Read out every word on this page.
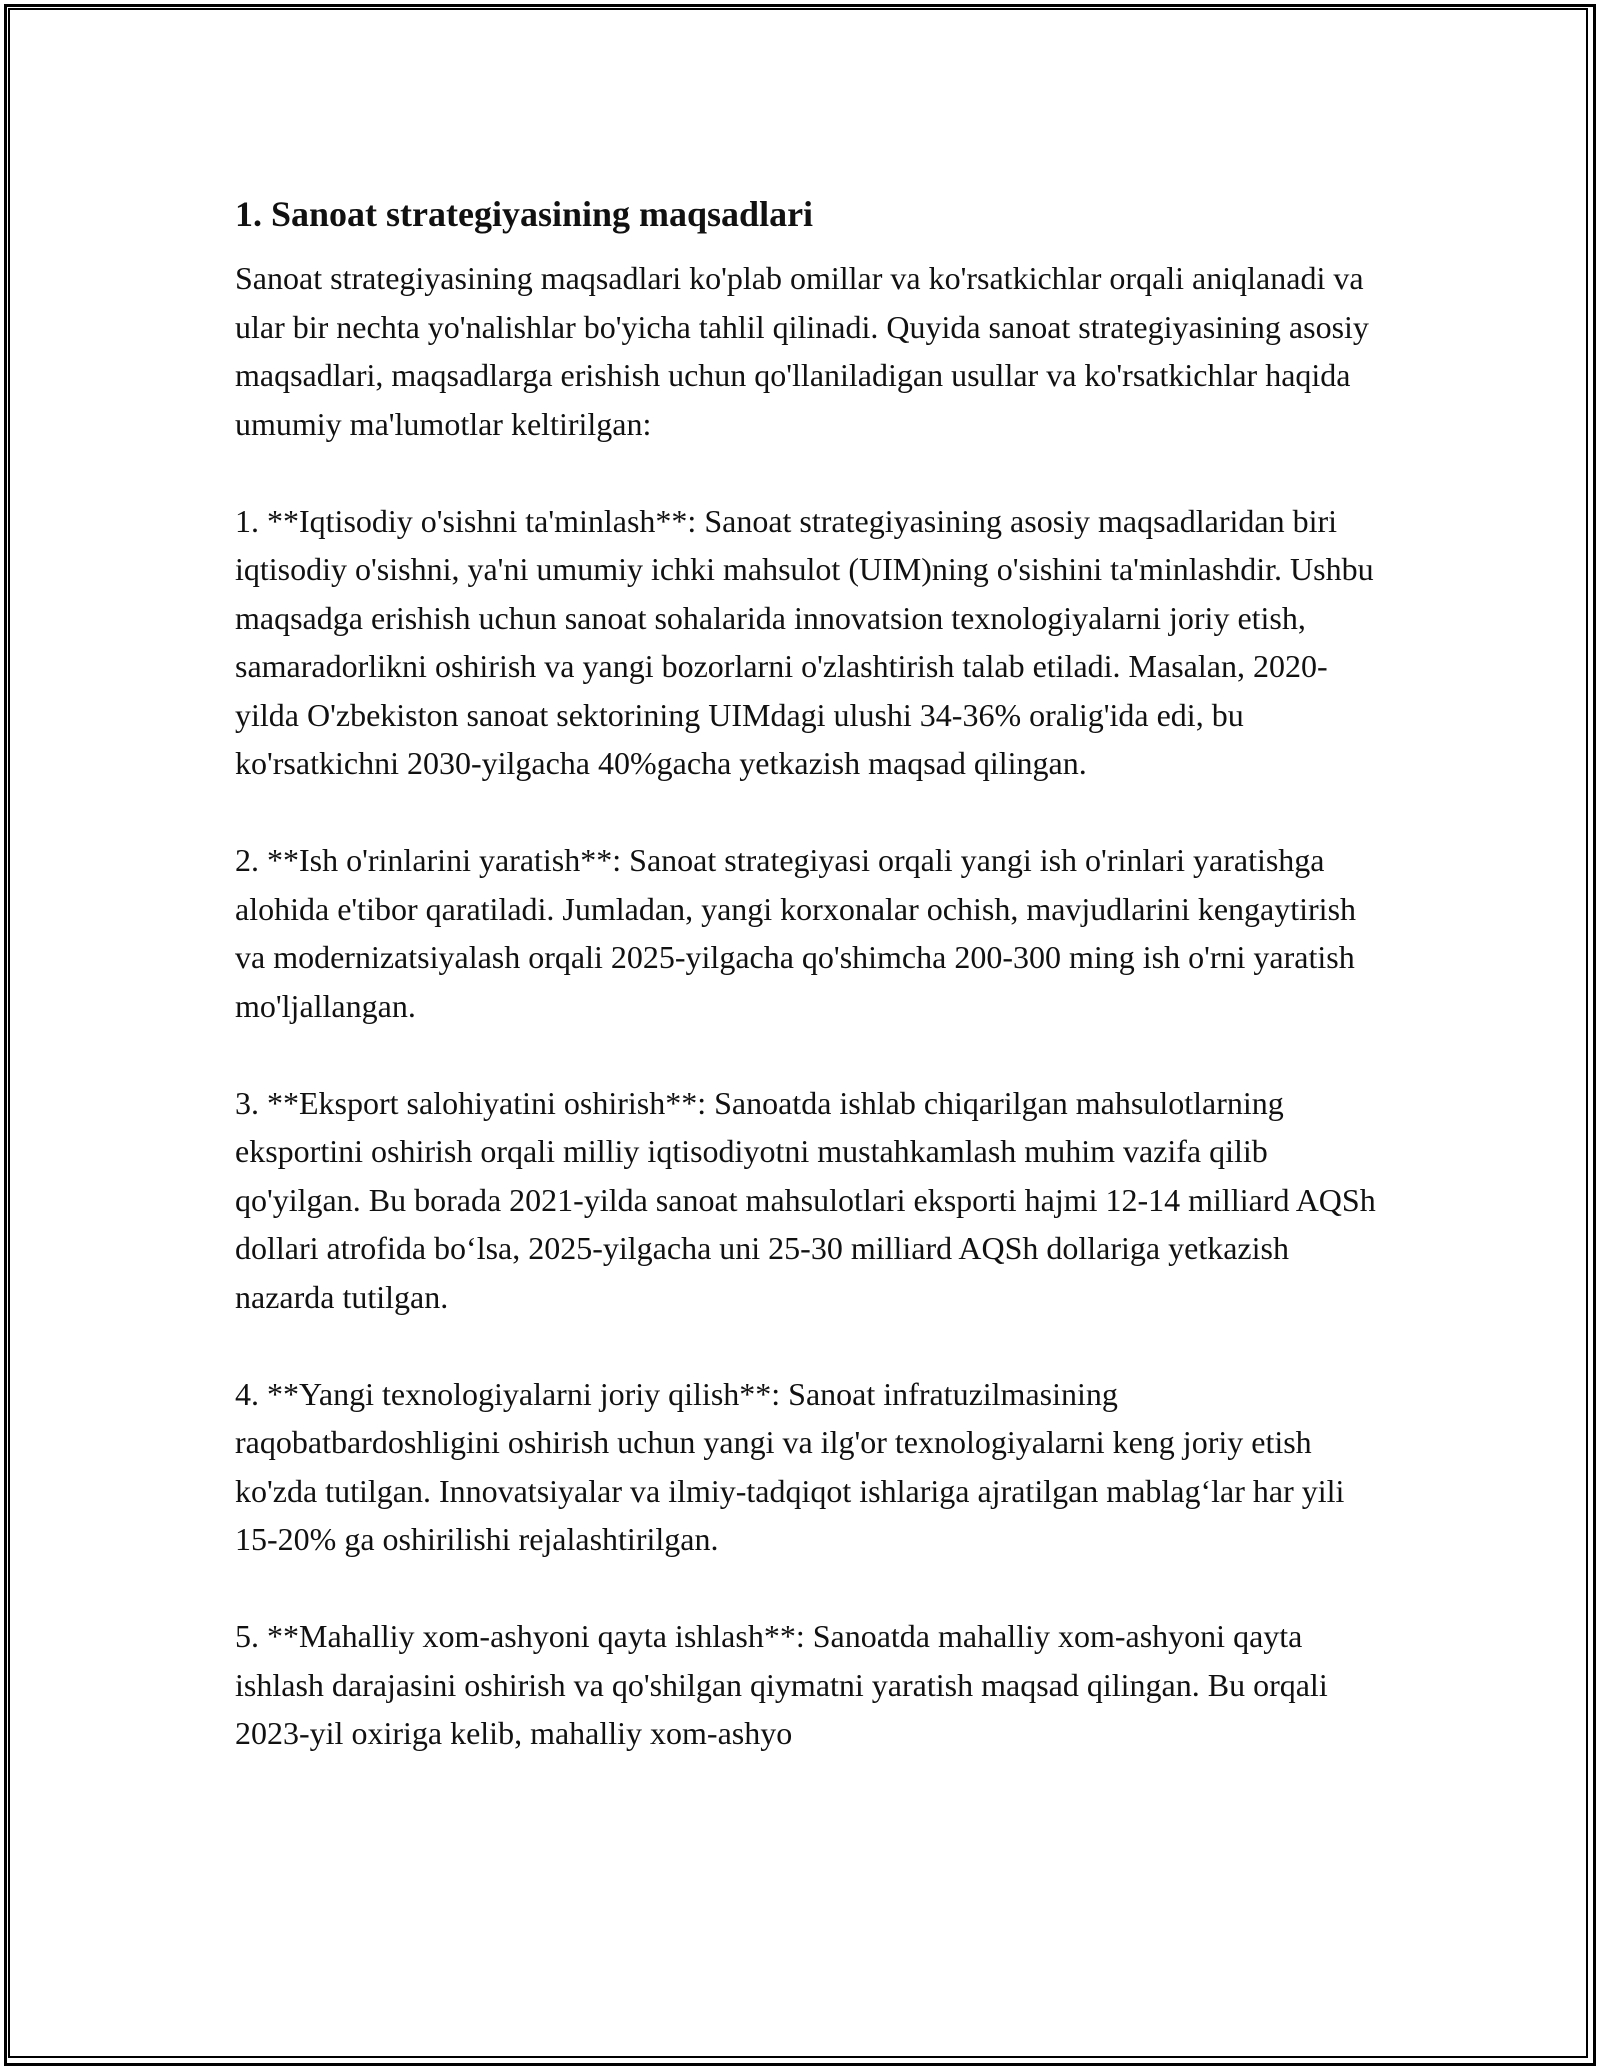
1. Sanoat strategiyasining maqsadlari
Sanoat strategiyasining maqsadlari ko'plab omillar va ko'rsatkichlar orqali aniqlanadi va ular bir nechta yo'nalishlar bo'yicha tahlil qilinadi. Quyida sanoat strategiyasining asosiy maqsadlari, maqsadlarga erishish uchun qo'llaniladigan usullar va ko'rsatkichlar haqida umumiy ma'lumotlar keltirilgan:
1. **Iqtisodiy o'sishni ta'minlash**: Sanoat strategiyasining asosiy maqsadlaridan biri iqtisodiy o'sishni, ya'ni umumiy ichki mahsulot (UIM)ning o'sishini ta'minlashdir. Ushbu maqsadga erishish uchun sanoat sohalarida innovatsion texnologiyalarni joriy etish, samaradorlikni oshirish va yangi bozorlarni o'zlashtirish talab etiladi. Masalan, 2020-yilda O'zbekiston sanoat sektorining UIMdagi ulushi 34-36% oralig'ida edi, bu ko'rsatkichni 2030-yilgacha 40%gacha yetkazish maqsad qilingan.
2. **Ish o'rinlarini yaratish**: Sanoat strategiyasi orqali yangi ish o'rinlari yaratishga alohida e'tibor qaratiladi. Jumladan, yangi korxonalar ochish, mavjudlarini kengaytirish va modernizatsiyalash orqali 2025-yilgacha qo'shimcha 200-300 ming ish o'rni yaratish mo'ljallangan.
3. **Eksport salohiyatini oshirish**: Sanoatda ishlab chiqarilgan mahsulotlarning eksportini oshirish orqali milliy iqtisodiyotni mustahkamlash muhim vazifa qilib qo'yilgan. Bu borada 2021-yilda sanoat mahsulotlari eksporti hajmi 12-14 milliard AQSh dollari atrofida bo‘lsa, 2025-yilgacha uni 25-30 milliard AQSh dollariga yetkazish nazarda tutilgan.
4. **Yangi texnologiyalarni joriy qilish**: Sanoat infratuzilmasining raqobatbardoshligini oshirish uchun yangi va ilg'or texnologiyalarni keng joriy etish ko'zda tutilgan. Innovatsiyalar va ilmiy-tadqiqot ishlariga ajratilgan mablag‘lar har yili 15-20% ga oshirilishi rejalashtirilgan.
5. **Mahalliy xom-ashyoni qayta ishlash**: Sanoatda mahalliy xom-ashyoni qayta ishlash darajasini oshirish va qo'shilgan qiymatni yaratish maqsad qilingan. Bu orqali 2023-yil oxiriga kelib, mahalliy xom-ashyo
